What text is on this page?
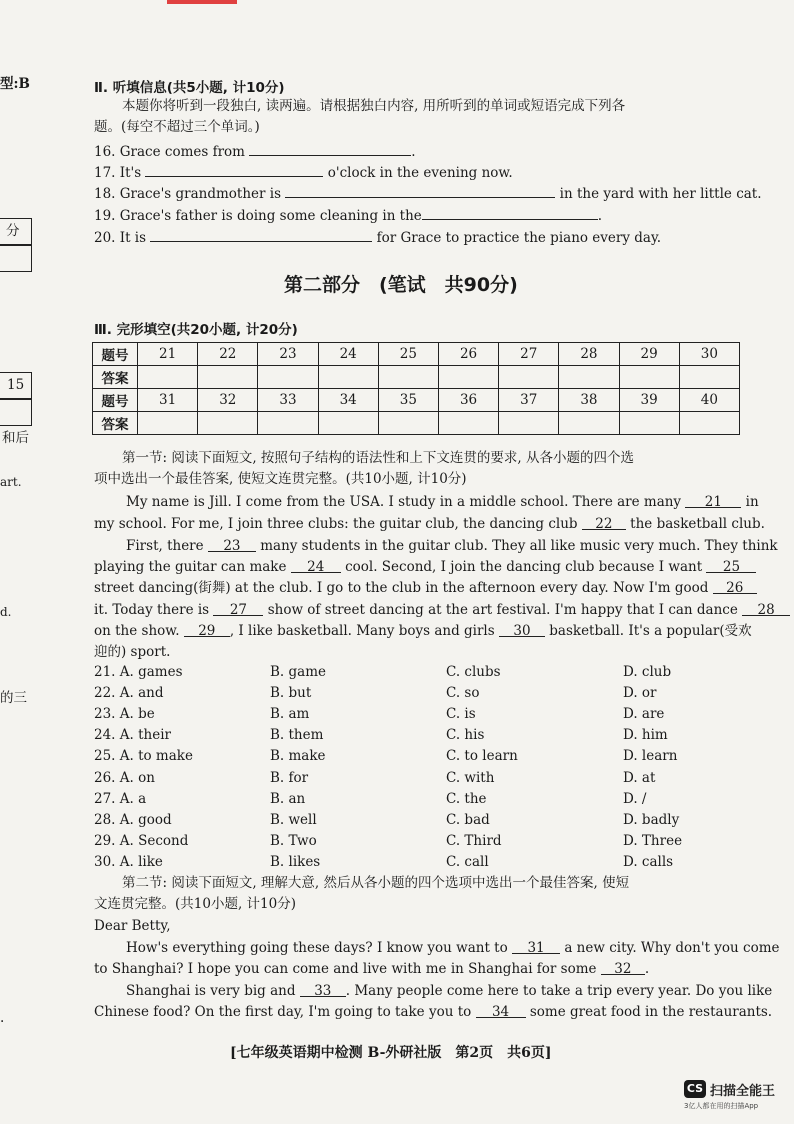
型:B
分
15
和后
art.
d.
的三
.
Ⅱ. 听填信息(共5小题, 计10分)
本题你将听到一段独白, 读两遍。请根据独白内容, 用所听到的单词或短语完成下列各
题。(每空不超过三个单词。)
16. Grace comes from	.
17. It's	o'clock in the evening now.
18. Grace's grandmother is	in the yard with her little cat.
19. Grace's father is doing some cleaning in the	.
20. It is	for Grace to practice the piano every day.
第二部分　(笔试　共90分)
Ⅲ. 完形填空(共20小题, 计20分)
题号	21	22	23	24	25	26	27	28	29	30
答案										
题号	31	32	33	34	35	36	37	38	39	40
答案										
第一节: 阅读下面短文, 按照句子结构的语法性和上下文连贯的要求, 从各小题的四个选
项中选出一个最佳答案, 使短文连贯完整。(共10小题, 计10分)
My name is Jill. I come from the USA. I study in a middle school. There are many 21 in
my school. For me, I join three clubs: the guitar club, the dancing club 22 the basketball club.
First, there 23 many students in the guitar club. They all like music very much. They think
playing the guitar can make 24 cool. Second, I join the dancing club because I want 25
street dancing(街舞) at the club. I go to the club in the afternoon every day. Now I'm good 26
it. Today there is 27 show of street dancing at the art festival. I'm happy that I can dance 28
on the show. 29 , I like basketball. Many boys and girls 30 basketball. It's a popular(受欢
迎的) sport.
21. A. games	B. game	C. clubs	D. club
22. A. and	B. but	C. so	D. or
23. A. be	B. am	C. is	D. are
24. A. their	B. them	C. his	D. him
25. A. to make	B. make	C. to learn	D. learn
26. A. on	B. for	C. with	D. at
27. A. a	B. an	C. the	D. /
28. A. good	B. well	C. bad	D. badly
29. A. Second	B. Two	C. Third	D. Three
30. A. like	B. likes	C. call	D. calls
第二节: 阅读下面短文, 理解大意, 然后从各小题的四个选项中选出一个最佳答案, 使短
文连贯完整。(共10小题, 计10分)
Dear Betty,
How's everything going these days? I know you want to 31 a new city. Why don't you come
to Shanghai? I hope you can come and live with me in Shanghai for some 32 .
Shanghai is very big and 33 . Many people come here to take a trip every year. Do you like
Chinese food? On the first day, I'm going to take you to 34 some great food in the restaurants.
[七年级英语期中检测 B-外研社版　第2页　共6页]
CS 扫描全能王
3亿人都在用的扫描App
